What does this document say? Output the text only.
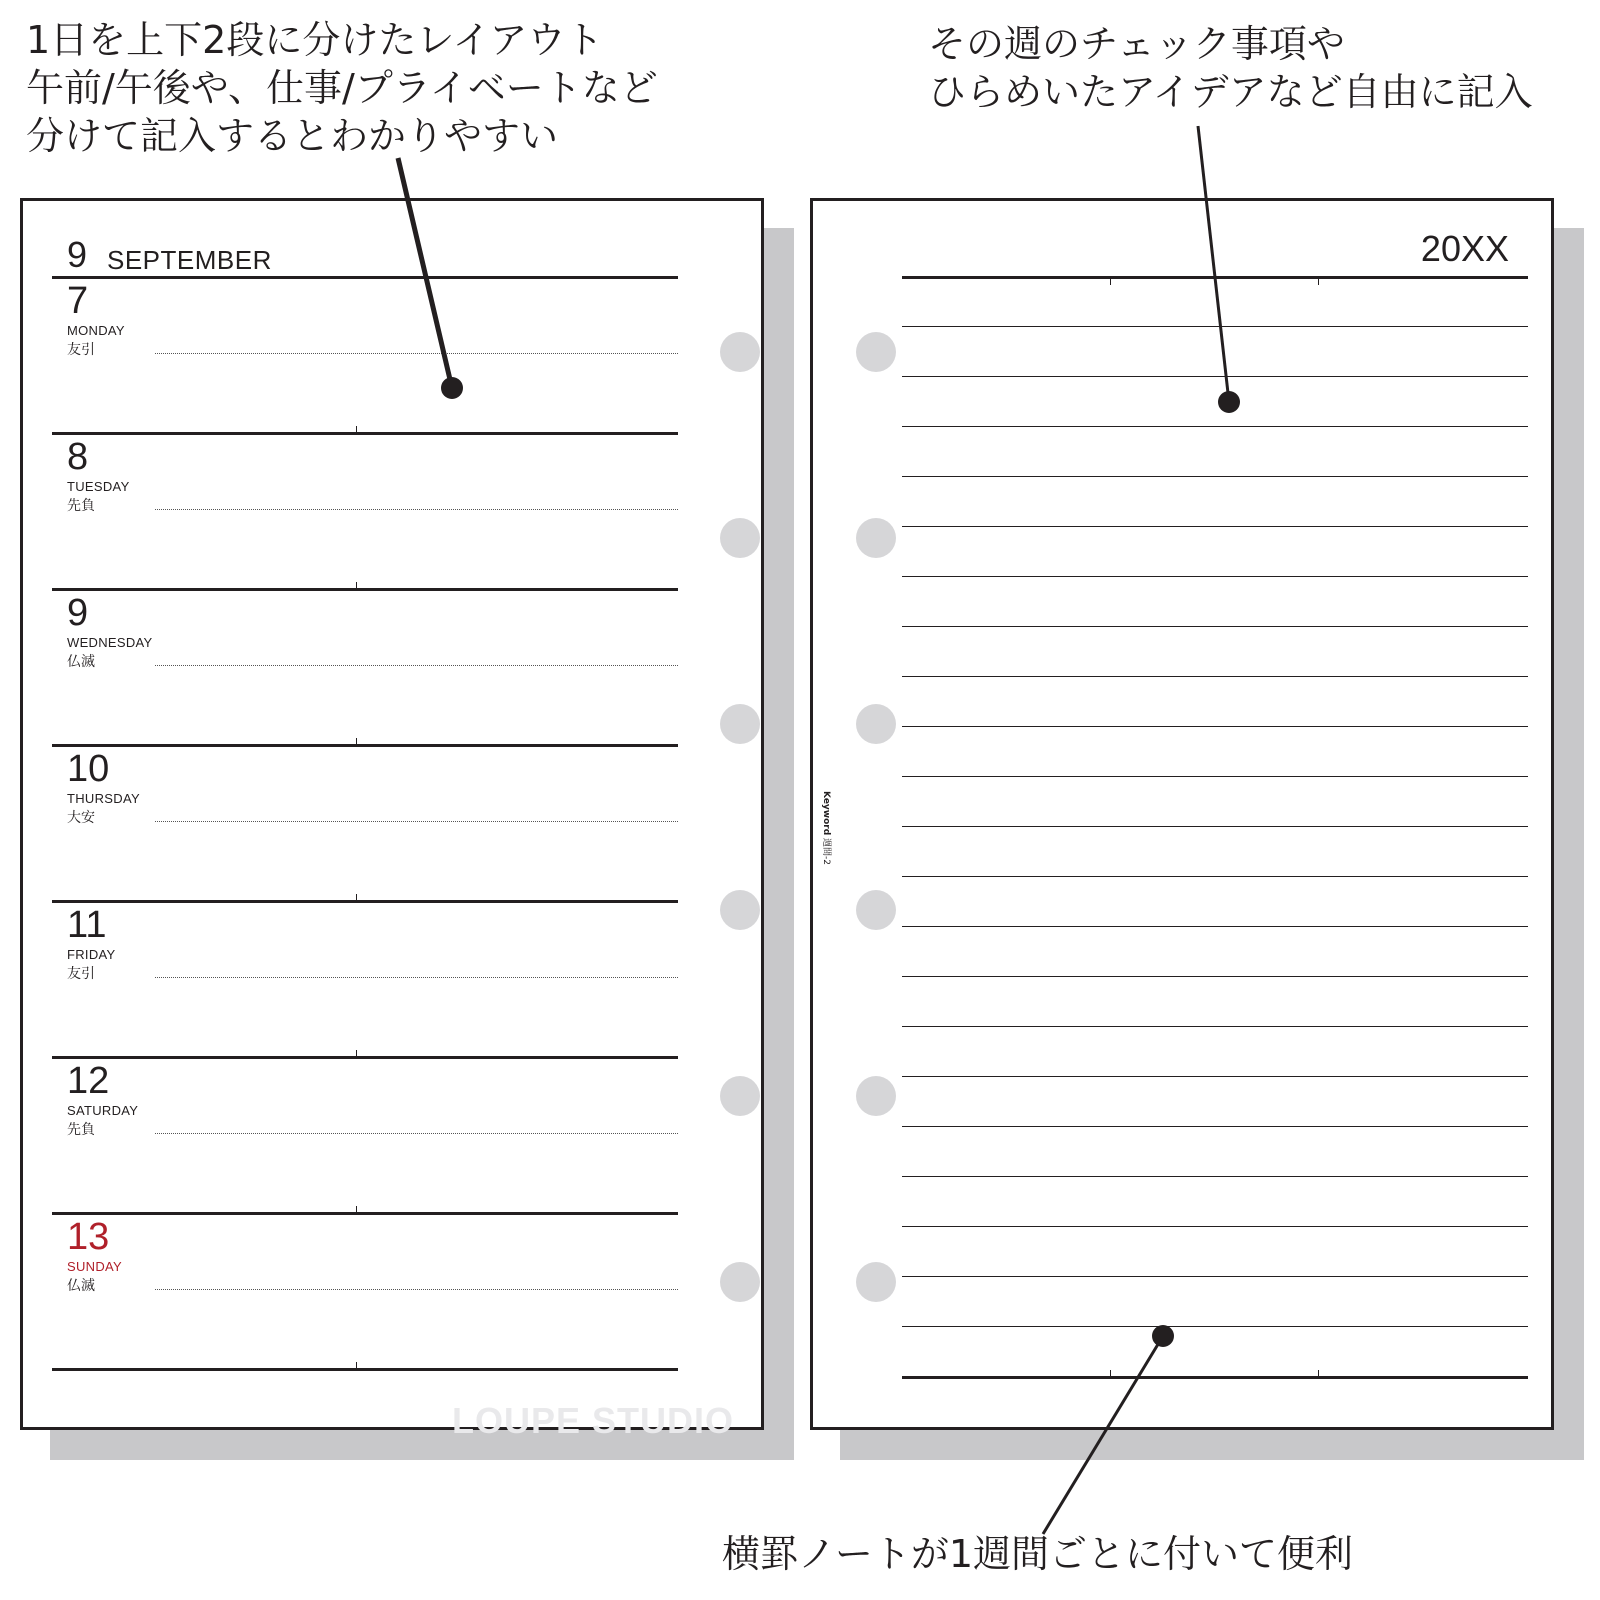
1日を上下2段に分けたレイアウト
午前/午後や、仕事/プライベートなど
分けて記入するとわかりやすい
その週のチェック事項や
ひらめいたアイデアなど自由に記入
横罫ノートが1週間ごとに付いて便利
9 SEPTEMBER
7
MONDAY
友引
8
TUESDAY
先負
9
WEDNESDAY
仏滅
10
THURSDAY
大安
11
FRIDAY
友引
12
SATURDAY
先負
13
SUNDAY
仏滅
20XX
Keyword 週間-2
LOUPE STUDIO
